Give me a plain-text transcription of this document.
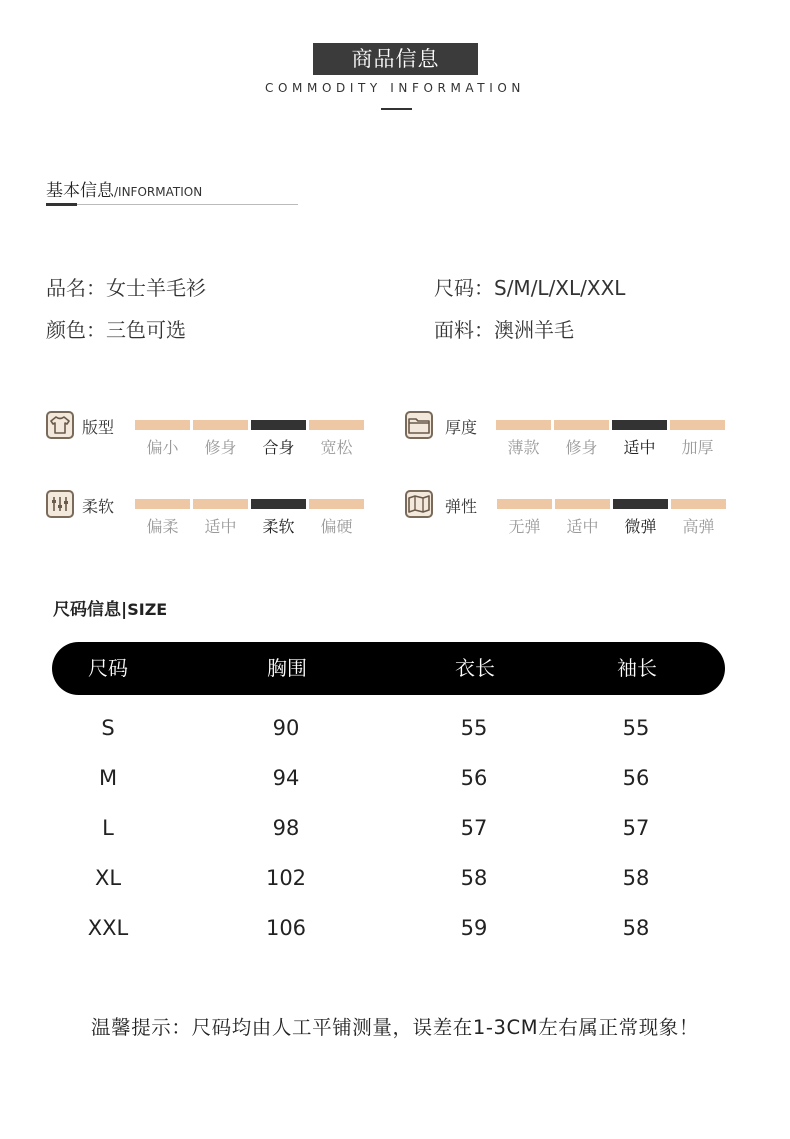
商品信息
COMMODITY INFORMATION
基本信息/INFORMATION
品名：女士羊毛衫
颜色：三色可选
尺码：S/M/L/XL/XXL
面料：澳洲羊毛
版型
偏小	修身	合身	宽松
厚度
薄款	修身	适中	加厚
柔软
偏柔	适中	柔软	偏硬
弹性
无弹	适中	微弹	高弹
尺码信息|SIZE
尺码	胸围	衣长	袖长
S	90	55	55
M	94	56	56
L	98	57	57
XL	102	58	58
XXL	106	59	58
温馨提示：尺码均由人工平铺测量，误差在1-3CM左右属正常现象！
